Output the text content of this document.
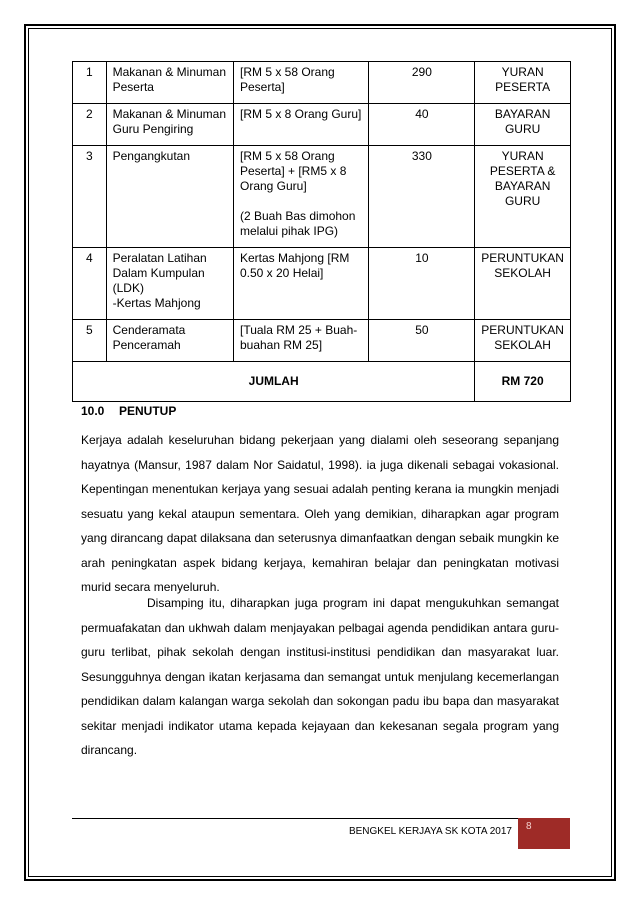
1	Makanan & Minuman
Peserta	[RM 5 x 58 Orang
Peserta]	290	YURAN
PESERTA

2	Makanan & Minuman
Guru Pengiring	[RM 5 x 8 Orang Guru]	40	BAYARAN
GURU

3	Pengangkutan	[RM 5 x 58 Orang
Peserta] + [RM5 x 8
Orang Guru]
(2 Buah Bas dimohon
melalui pihak IPG)	330	YURAN
PESERTA &
BAYARAN
GURU

4	Peralatan Latihan
Dalam Kumpulan
(LDK)
-Kertas Mahjong	Kertas Mahjong [RM
0.50 x 20 Helai]	10	PERUNTUKAN
SEKOLAH

5	Cenderamata
Penceramah	[Tuala RM 25 + Buah-
buahan RM 25]	50	PERUNTUKAN
SEKOLAH

JUMLAH				RM 720
10.0 PENUTUP

Kerjaya adalah keseluruhan bidang pekerjaan yang dialami oleh seseorang sepanjang hayatnya (Mansur, 1987 dalam Nor Saidatul, 1998). ia juga dikenali sebagai vokasional. Kepentingan menentukan kerjaya yang sesuai adalah penting kerana ia mungkin menjadi sesuatu yang kekal ataupun sementara. Oleh yang demikian, diharapkan agar program yang dirancang dapat dilaksana dan seterusnya dimanfaatkan dengan sebaik mungkin ke arah peningkatan aspek bidang kerjaya, kemahiran belajar dan peningkatan motivasi murid secara menyeluruh.

Disamping itu, diharapkan juga program ini dapat mengukuhkan semangat permuafakatan dan ukhwah dalam menjayakan pelbagai agenda pendidikan antara guru-guru terlibat, pihak sekolah dengan institusi-institusi pendidikan dan masyarakat luar. Sesungguhnya dengan ikatan kerjasama dan semangat untuk menjulang kecemerlangan pendidikan dalam kalangan warga sekolah dan sokongan padu ibu bapa dan masyarakat sekitar menjadi indikator utama kepada kejayaan dan kekesanan segala program yang dirancang.

BENGKEL KERJAYA SK KOTA 2017	8
